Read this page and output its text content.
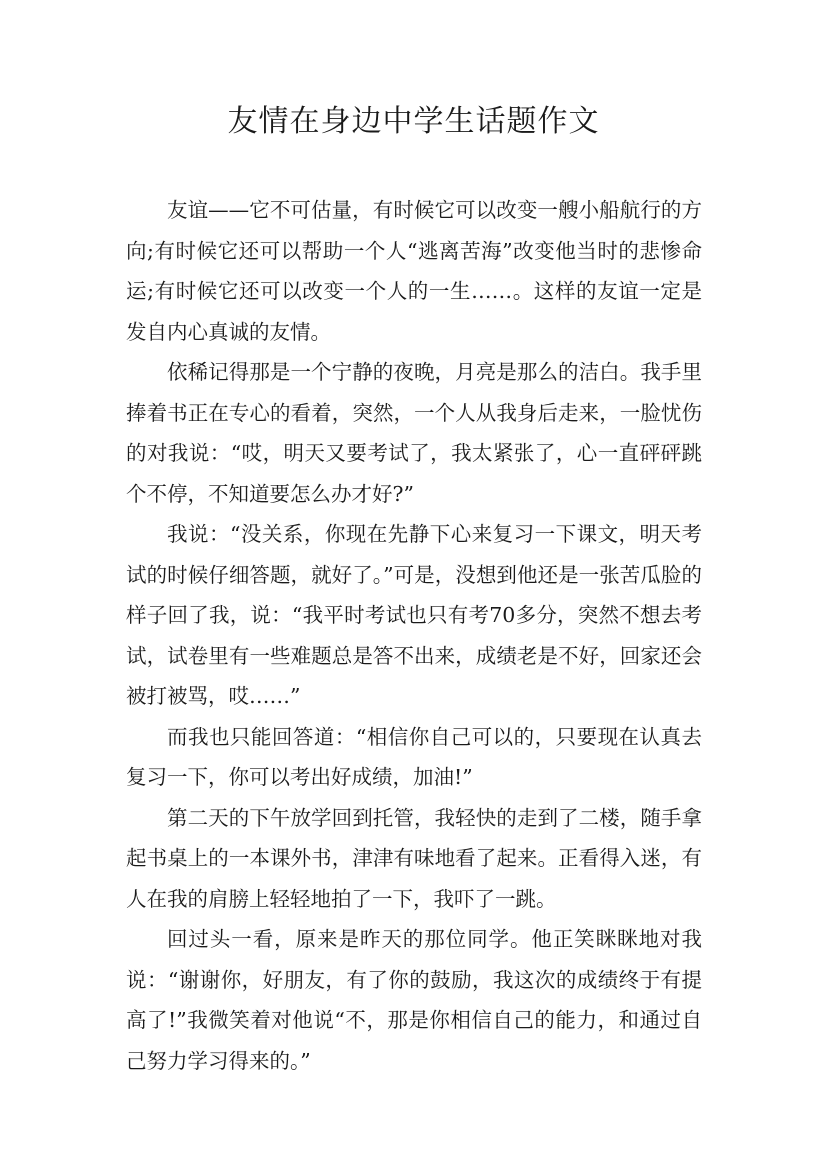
友情在身边中学生话题作文

友谊——它不可估量，有时候它可以改变一艘小船航行的方向;有时候它还可以帮助一个人“逃离苦海”改变他当时的悲惨命运;有时候它还可以改变一个人的一生……。这样的友谊一定是发自内心真诚的友情。

依稀记得那是一个宁静的夜晚，月亮是那么的洁白。我手里捧着书正在专心的看着，突然，一个人从我身后走来，一脸忧伤的对我说：“哎，明天又要考试了，我太紧张了，心一直砰砰跳个不停，不知道要怎么办才好?”

我说：“没关系，你现在先静下心来复习一下课文，明天考试的时候仔细答题，就好了。”可是，没想到他还是一张苦瓜脸的样子回了我，说：“我平时考试也只有考70多分，突然不想去考试，试卷里有一些难题总是答不出来，成绩老是不好，回家还会被打被骂，哎……”

而我也只能回答道：“相信你自己可以的，只要现在认真去复习一下，你可以考出好成绩，加油!”

第二天的下午放学回到托管，我轻快的走到了二楼，随手拿起书桌上的一本课外书，津津有味地看了起来。正看得入迷，有人在我的肩膀上轻轻地拍了一下，我吓了一跳。

回过头一看，原来是昨天的那位同学。他正笑眯眯地对我说：“谢谢你，好朋友，有了你的鼓励，我这次的成绩终于有提高了!”我微笑着对他说“不，那是你相信自己的能力，和通过自己努力学习得来的。”
